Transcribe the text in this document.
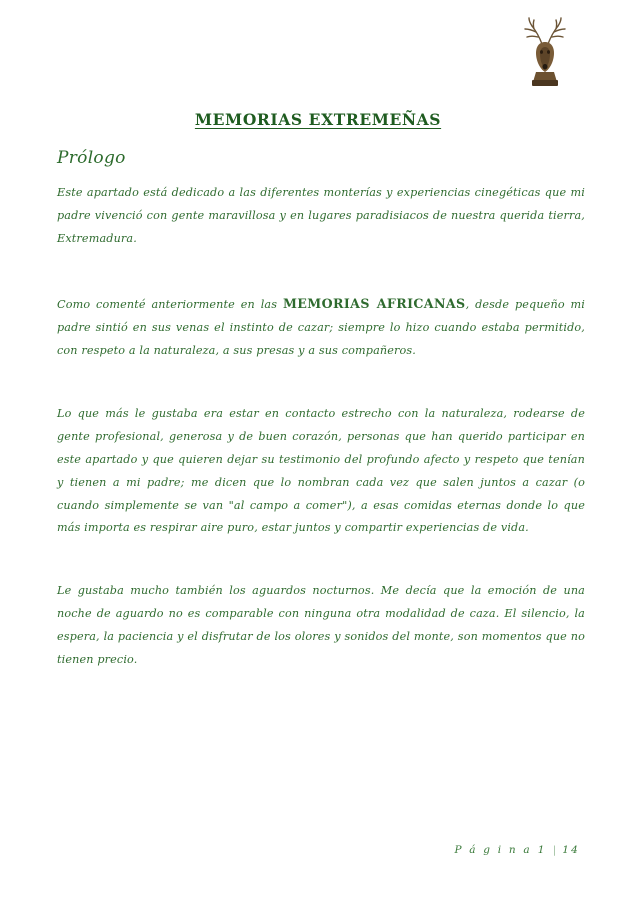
MEMORIAS EXTREMEÑAS
Prólogo

Este apartado está dedicado a las diferentes monterías y experiencias cinegéticas que mi padre vivenció con gente maravillosa y en lugares paradisiacos de nuestra querida tierra, Extremadura.

Como comenté anteriormente en las MEMORIAS AFRICANAS, desde pequeño mi padre sintió en sus venas el instinto de cazar; siempre lo hizo cuando estaba permitido, con respeto a la naturaleza, a sus presas y a sus compañeros.

Lo que más le gustaba era estar en contacto estrecho con la naturaleza, rodearse de gente profesional, generosa y de buen corazón, personas que han querido participar en este apartado y que quieren dejar su testimonio del profundo afecto y respeto que tenían y tienen a mi padre; me dicen que lo nombran cada vez que salen juntos a cazar (o cuando simplemente se van "al campo a comer"), a esas comidas eternas donde lo que más importa es respirar aire puro, estar juntos y compartir experiencias de vida.

Le gustaba mucho también los aguardos nocturnos. Me decía que la emoción de una noche de aguardo no es comparable con ninguna otra modalidad de caza. El silencio, la espera, la paciencia y el disfrutar de los olores y sonidos del monte, son momentos que no tienen precio.

P á g i n a 1 | 14
